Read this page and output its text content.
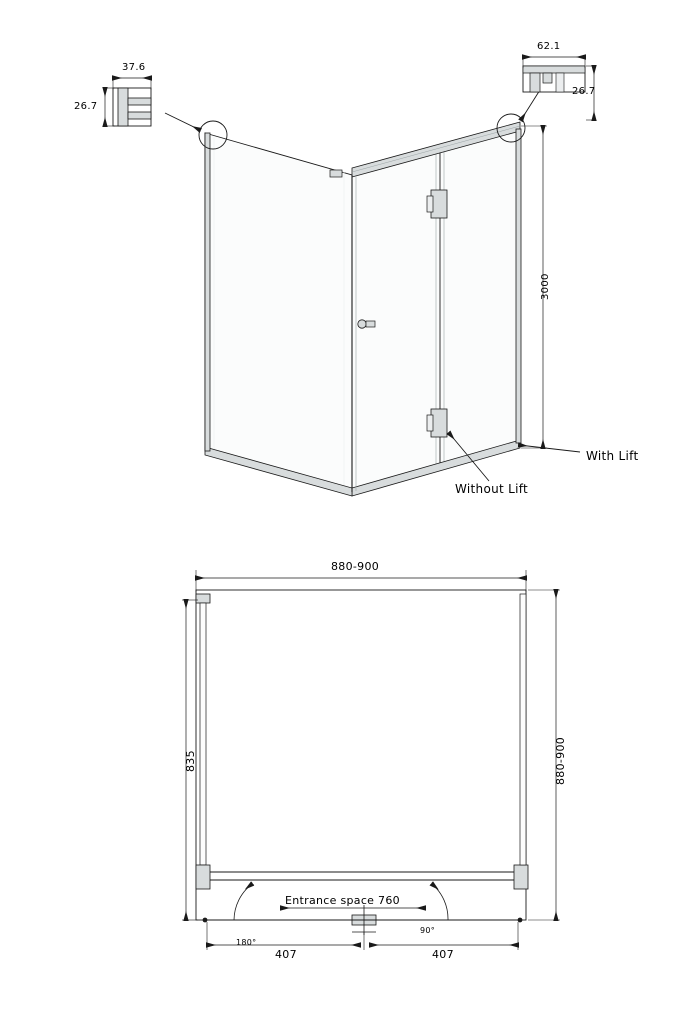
37.6
26.7
62.1
26.7
3000
With Lift
Without Lift
880-900
880-900
835
Entrance space 760
407	407
180°
90°
